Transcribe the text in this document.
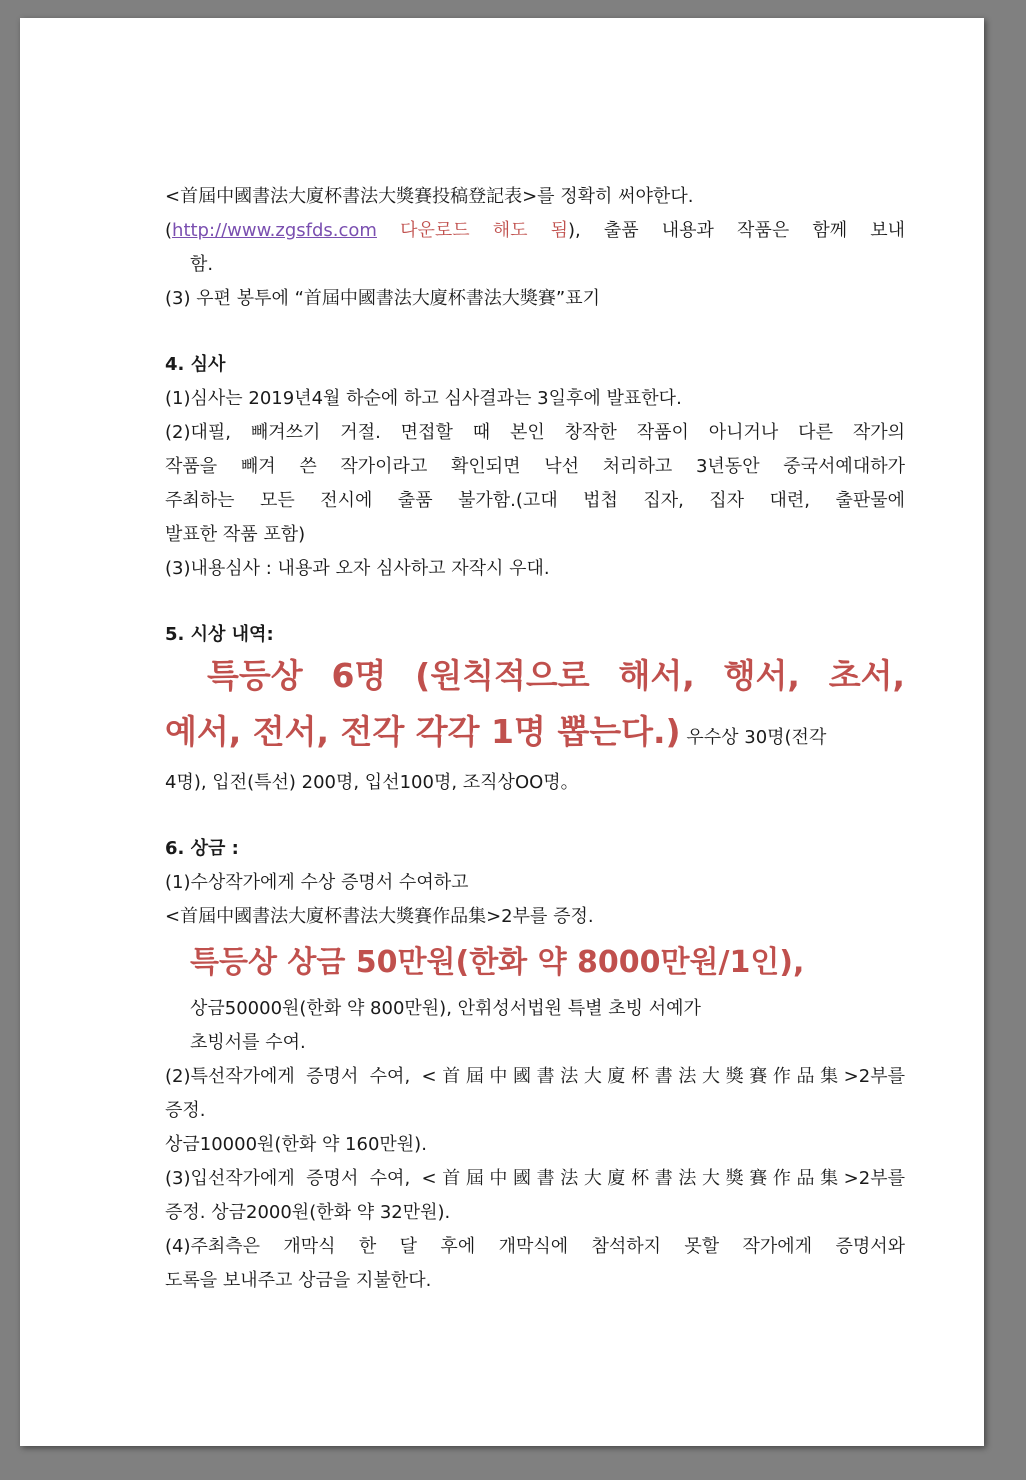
<首屆中國書法大廈杯書法大獎賽投稿登記表>를 정확히 써야한다.
(http://www.zgsfds.com 다운로드 해도 됨), 출품 내용과 작품은 함께 보내
함.
(3) 우편 봉투에 “首屆中國書法大廈杯書法大獎賽”표기
4. 심사
(1)심사는 2019년4월 하순에 하고 심사결과는 3일후에 발표한다.
(2)대필, 빼겨쓰기 거절. 면접할 때 본인 창작한 작품이 아니거나 다른 작가의
작품을 빼겨 쓴 작가이라고 확인되면 낙선 처리하고 3년동안 중국서예대하가
주최하는 모든 전시에 출품 불가함.(고대 법첩 집자, 집자 대련, 출판물에
발표한 작품 포함)
(3)내용심사 : 내용과 오자 심사하고 자작시 우대.
5. 시상 내역:
특등상 6명 (원칙적으로 해서, 행서, 초서,
예서, 전서, 전각 각각 1명 뽑는다.) 우수상 30명(전각
4명), 입전(특선) 200명, 입선100명, 조직상OO명。
6. 상금 :
(1)수상작가에게 수상 증명서 수여하고
<首屆中國書法大廈杯書法大獎賽作品集>2부를 증정.
특등상 상금 50만원(한화 약 8000만원/1인),
상금50000원(한화 약 800만원), 안휘성서법원 특별 초빙 서예가
초빙서를 수여.
(2)특선작가에게 증명서 수여, <首屆中國書法大廈杯書法大獎賽作品集>2부를
증정.
상금10000원(한화 약 160만원).
(3)입선작가에게 증명서 수여, <首屆中國書法大廈杯書法大獎賽作品集>2부를
증정. 상금2000원(한화 약 32만원).
(4)주최측은 개막식 한 달 후에 개막식에 참석하지 못할 작가에게 증명서와
도록을 보내주고 상금을 지불한다.
